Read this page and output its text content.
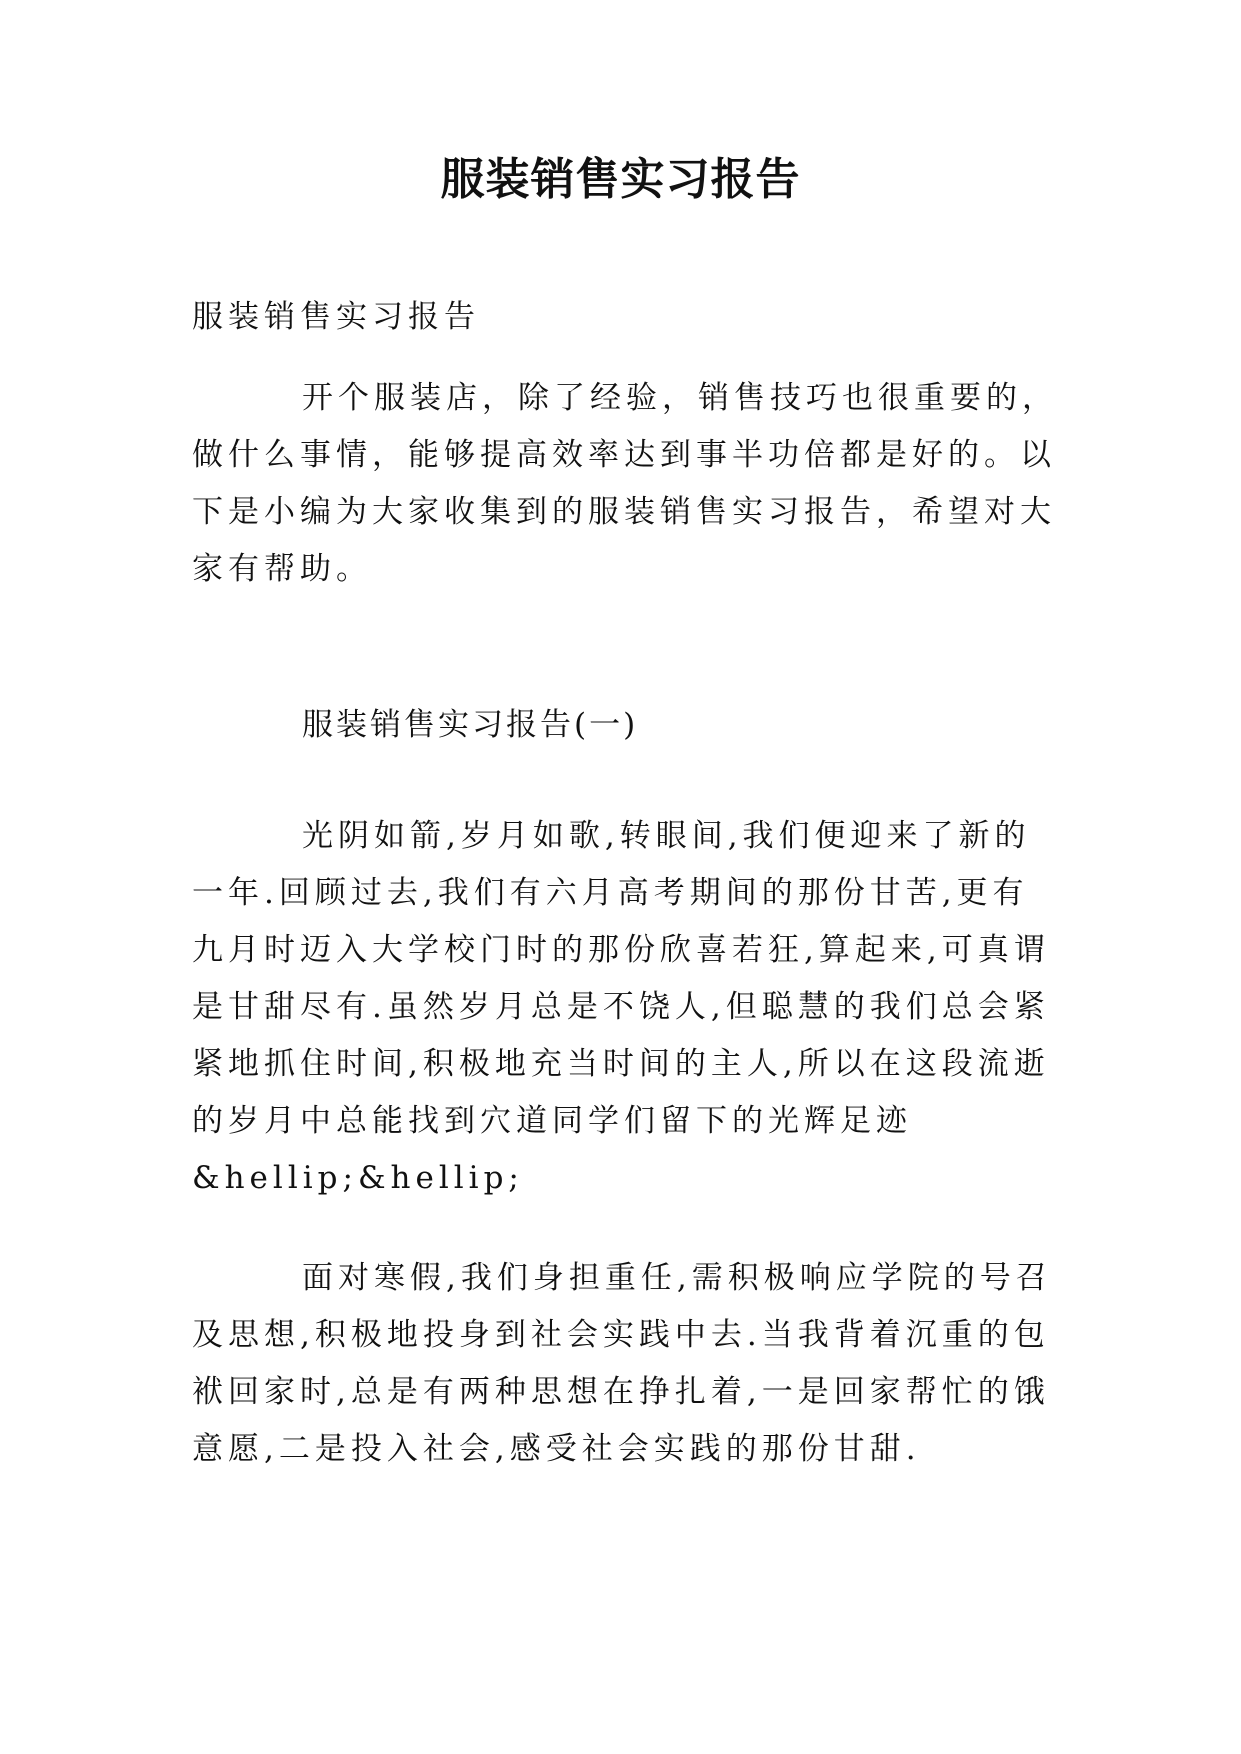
服装销售实习报告
服装销售实习报告

开个服装店，除了经验，销售技巧也很重要的，做什么事情，能够提高效率达到事半功倍都是好的。以下是小编为大家收集到的服装销售实习报告，希望对大家有帮助。

服装销售实习报告(一)

光阴如箭,岁月如歌,转眼间,我们便迎来了新的一年.回顾过去,我们有六月高考期间的那份甘苦,更有九月时迈入大学校门时的那份欣喜若狂,算起来,可真谓是甘甜尽有.虽然岁月总是不饶人,但聪慧的我们总会紧紧地抓住时间,积极地充当时间的主人,所以在这段流逝的岁月中总能找到穴道同学们留下的光辉足迹&hellip;&hellip;

面对寒假,我们身担重任,需积极响应学院的号召及思想,积极地投身到社会实践中去.当我背着沉重的包袱回家时,总是有两种思想在挣扎着,一是回家帮忙的饿意愿,二是投入社会,感受社会实践的那份甘甜.
